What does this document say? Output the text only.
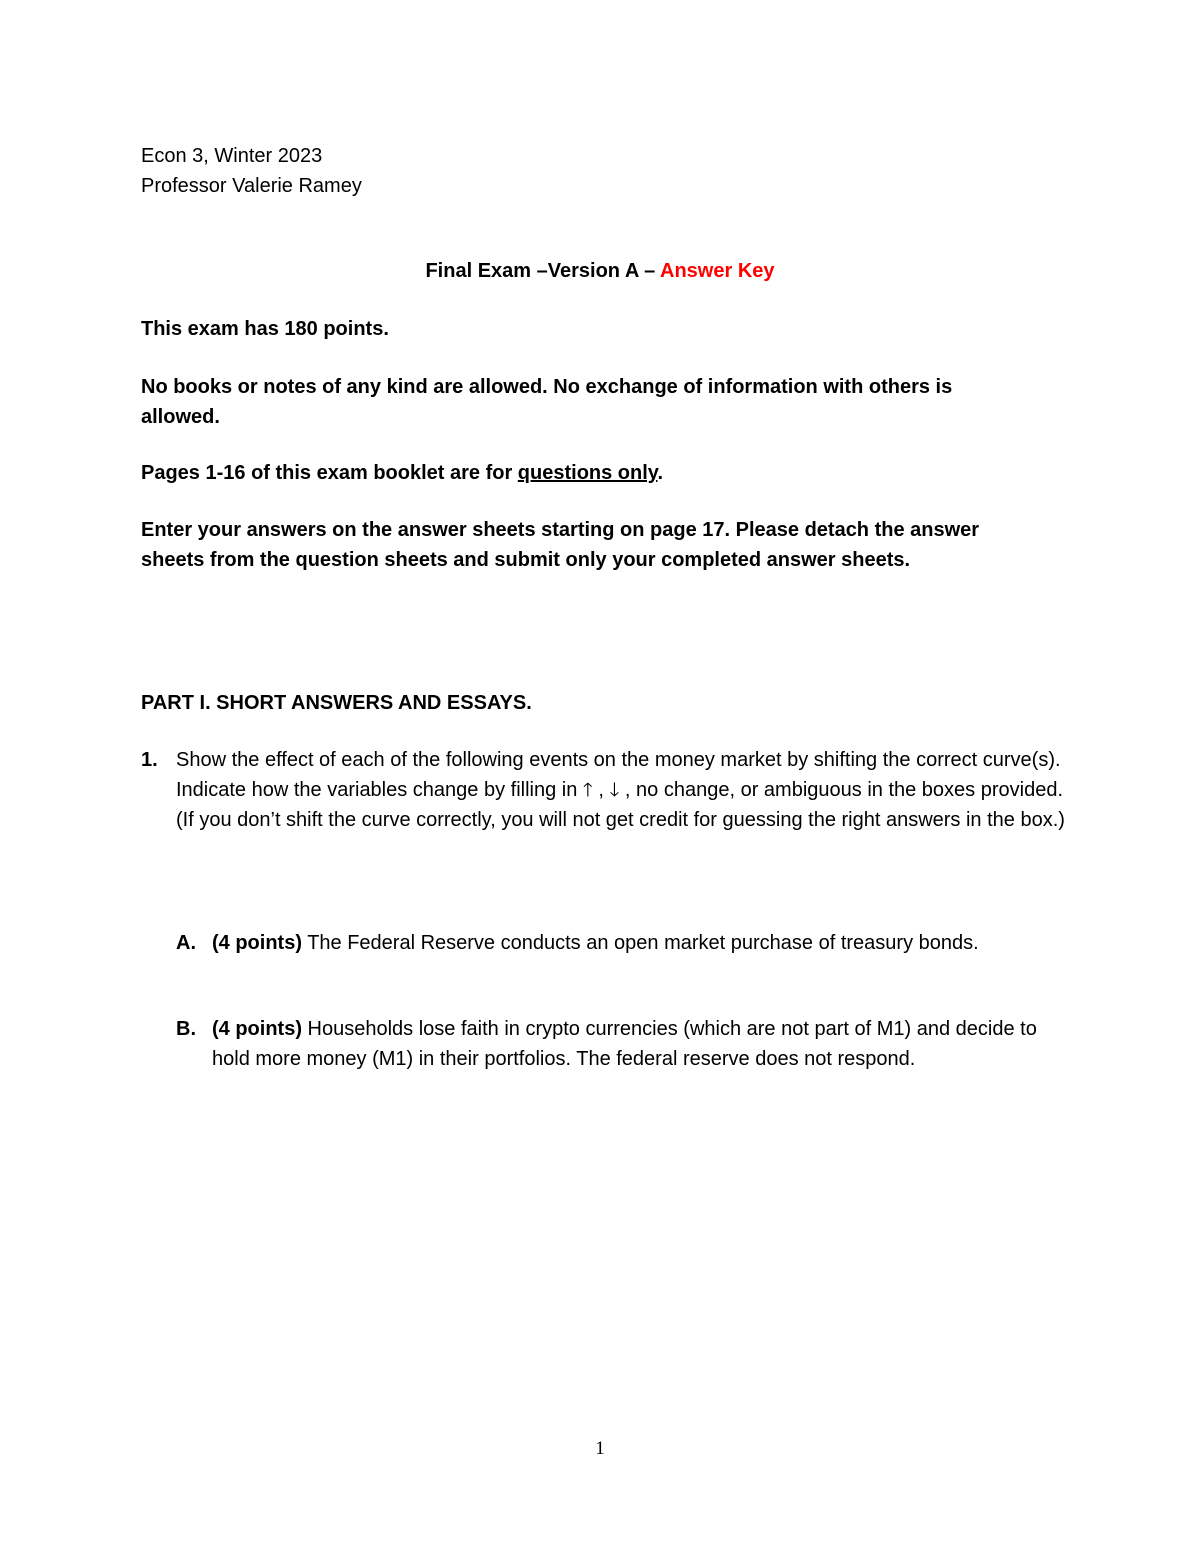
Econ 3, Winter 2023
Professor Valerie Ramey
Final Exam –Version A – Answer Key
This exam has 180 points.
No books or notes of any kind are allowed. No exchange of information with others is allowed.
Pages 1-16 of this exam booklet are for questions only.
Enter your answers on the answer sheets starting on page 17. Please detach the answer sheets from the question sheets and submit only your completed answer sheets.
PART I. SHORT ANSWERS AND ESSAYS.
1. Show the effect of each of the following events on the money market by shifting the correct curve(s). Indicate how the variables change by filling in 🡑 , 🡓 , no change, or ambiguous in the boxes provided. (If you don’t shift the curve correctly, you will not get credit for guessing the right answers in the box.)
A. (4 points) The Federal Reserve conducts an open market purchase of treasury bonds.
B. (4 points) Households lose faith in crypto currencies (which are not part of M1) and decide to hold more money (M1) in their portfolios. The federal reserve does not respond.
1
